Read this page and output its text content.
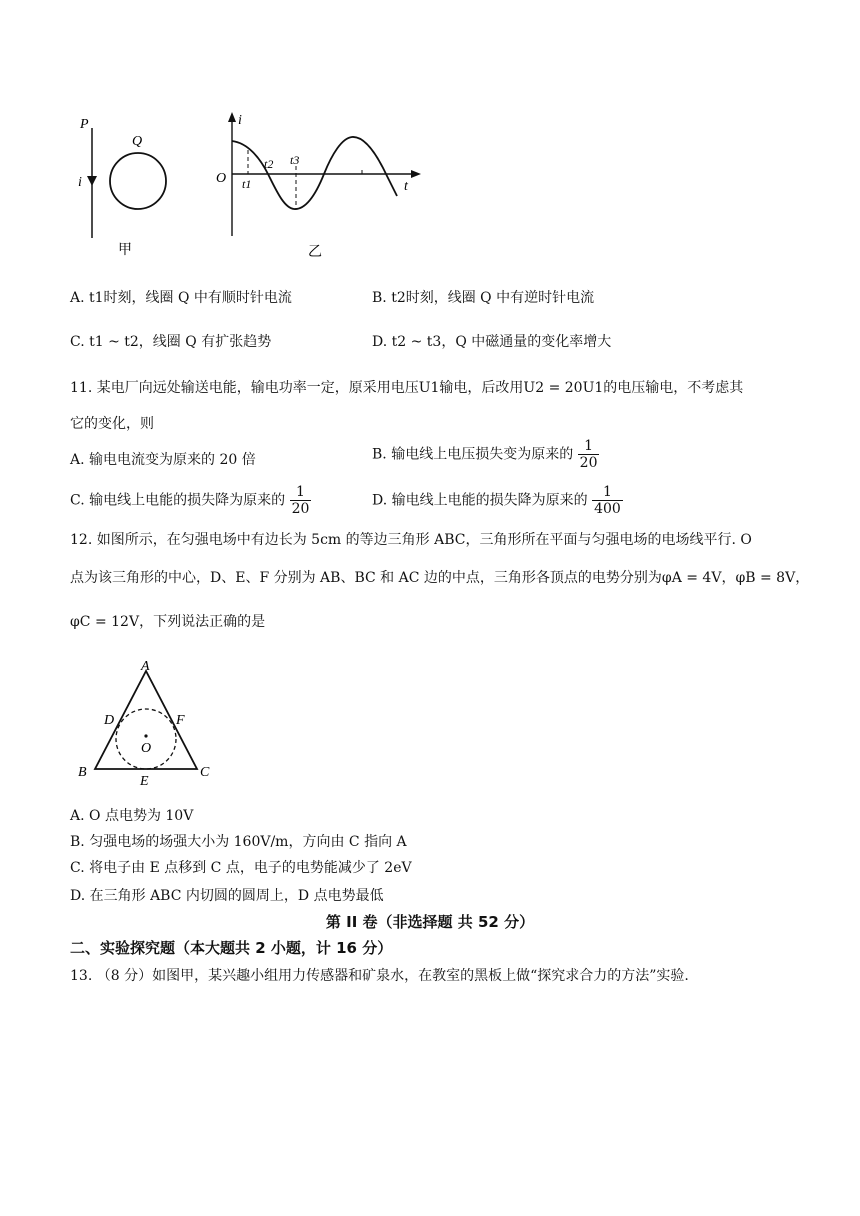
P
i
Q
甲
i
O
t
t1
t2 t3
乙
A. t1时刻，线圈 Q 中有顺时针电流	B. t2时刻，线圈 Q 中有逆时针电流
C. t1 ~ t2，线圈 Q 有扩张趋势	D. t2 ~ t3，Q 中磁通量的变化率增大
11. 某电厂向远处输送电能，输电功率一定，原采用电压U1输电，后改用U2 = 20U1的电压输电，不考虑其
它的变化，则
A. 输电电流变为原来的 20 倍	B. 输电线上电压损失变为原来的 $\frac{1}{20}$
C. 输电线上电能的损失降为原来的 $\frac{1}{20}$	D. 输电线上电能的损失降为原来的 $\frac{1}{400}$
12. 如图所示，在匀强电场中有边长为 5cm 的等边三角形 ABC，三角形所在平面与匀强电场的电场线平行. O
点为该三角形的中心，D、E、F 分别为 AB、BC 和 AC 边的中点，三角形各顶点的电势分别为φA = 4V，φB = 8V，
φC = 12V，下列说法正确的是
A
B	C
D
E
F
O
A. O 点电势为 10V
B. 匀强电场的场强大小为 160V/m，方向由 C 指向 A
C. 将电子由 E 点移到 C 点，电子的电势能减少了 2eV
D. 在三角形 ABC 内切圆的圆周上，D 点电势最低
第 II 卷（非选择题 共 52 分）
二、实验探究题（本大题共 2 小题，计 16 分）
13. （8 分）如图甲，某兴趣小组用力传感器和矿泉水，在教室的黑板上做“探究求合力的方法”实验.
